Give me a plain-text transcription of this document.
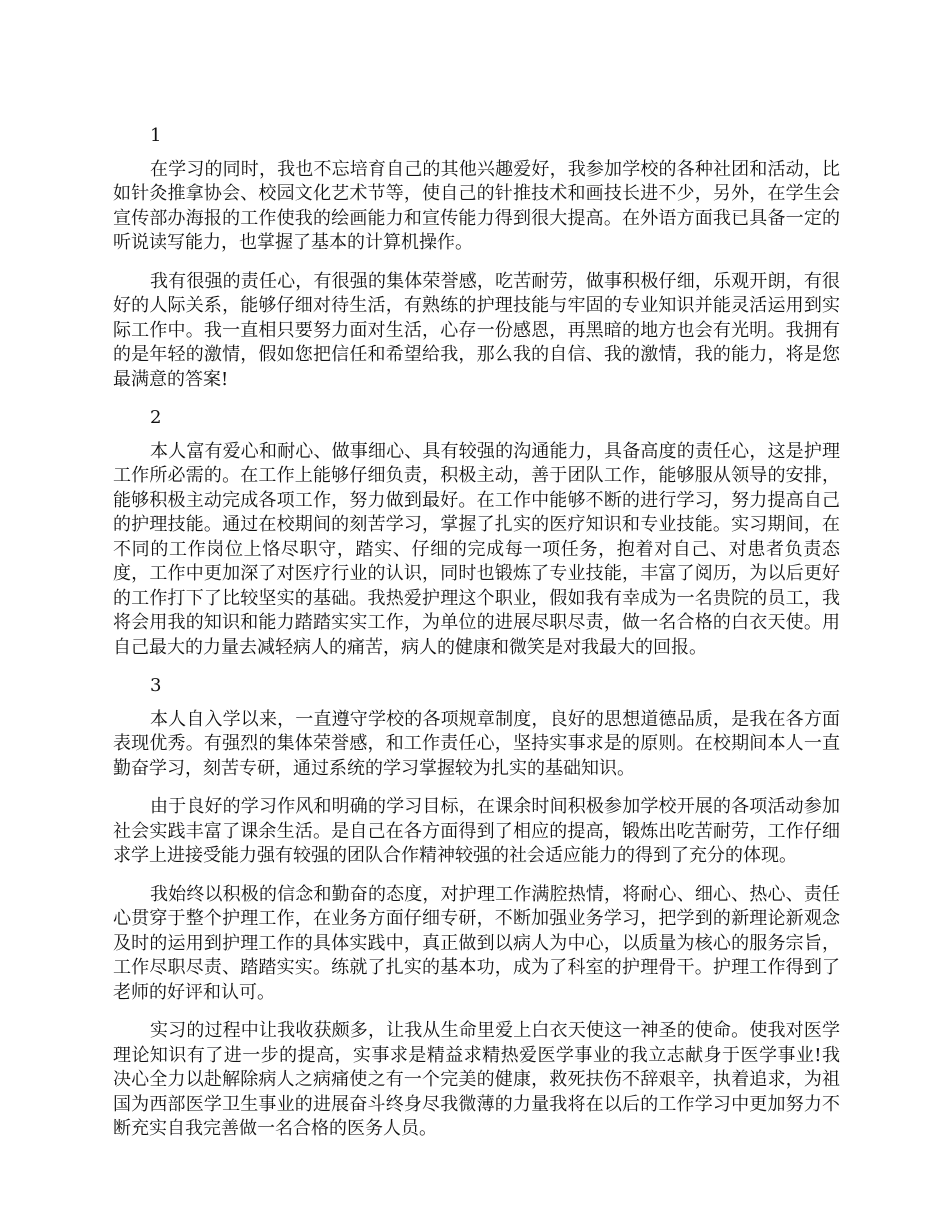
1

在学习的同时，我也不忘培育自己的其他兴趣爱好，我参加学校的各种社团和活动，比如针灸推拿协会、校园文化艺术节等，使自己的针推技术和画技长进不少，另外，在学生会宣传部办海报的工作使我的绘画能力和宣传能力得到很大提高。在外语方面我已具备一定的听说读写能力，也掌握了基本的计算机操作。

我有很强的责任心，有很强的集体荣誉感，吃苦耐劳，做事积极仔细，乐观开朗，有很好的人际关系，能够仔细对待生活，有熟练的护理技能与牢固的专业知识并能灵活运用到实际工作中。我一直相只要努力面对生活，心存一份感恩，再黑暗的地方也会有光明。我拥有的是年轻的激情，假如您把信任和希望给我，那么我的自信、我的激情，我的能力，将是您最满意的答案!

2

本人富有爱心和耐心、做事细心、具有较强的沟通能力，具备高度的责任心，这是护理工作所必需的。在工作上能够仔细负责，积极主动，善于团队工作，能够服从领导的安排，能够积极主动完成各项工作，努力做到最好。在工作中能够不断的进行学习，努力提高自己的护理技能。通过在校期间的刻苦学习，掌握了扎实的医疗知识和专业技能。实习期间，在不同的工作岗位上恪尽职守，踏实、仔细的完成每一项任务，抱着对自己、对患者负责态度，工作中更加深了对医疗行业的认识，同时也锻炼了专业技能，丰富了阅历，为以后更好的工作打下了比较坚实的基础。我热爱护理这个职业，假如我有幸成为一名贵院的员工，我将会用我的知识和能力踏踏实实工作，为单位的进展尽职尽责，做一名合格的白衣天使。用自己最大的力量去减轻病人的痛苦，病人的健康和微笑是对我最大的回报。

3

本人自入学以来，一直遵守学校的各项规章制度，良好的思想道德品质，是我在各方面表现优秀。有强烈的集体荣誉感，和工作责任心，坚持实事求是的原则。在校期间本人一直勤奋学习，刻苦专研，通过系统的学习掌握较为扎实的基础知识。

由于良好的学习作风和明确的学习目标，在课余时间积极参加学校开展的各项活动参加社会实践丰富了课余生活。是自己在各方面得到了相应的提高，锻炼出吃苦耐劳，工作仔细求学上进接受能力强有较强的团队合作精神较强的社会适应能力的得到了充分的体现。

我始终以积极的信念和勤奋的态度，对护理工作满腔热情，将耐心、细心、热心、责任心贯穿于整个护理工作，在业务方面仔细专研，不断加强业务学习，把学到的新理论新观念及时的运用到护理工作的具体实践中，真正做到以病人为中心，以质量为核心的服务宗旨，工作尽职尽责、踏踏实实。练就了扎实的基本功，成为了科室的护理骨干。护理工作得到了老师的好评和认可。

实习的过程中让我收获颇多，让我从生命里爱上白衣天使这一神圣的使命。使我对医学理论知识有了进一步的提高，实事求是精益求精热爱医学事业的我立志献身于医学事业!我决心全力以赴解除病人之病痛使之有一个完美的健康，救死扶伤不辞艰辛，执着追求，为祖国为西部医学卫生事业的进展奋斗终身尽我微薄的力量我将在以后的工作学习中更加努力不断充实自我完善做一名合格的医务人员。
